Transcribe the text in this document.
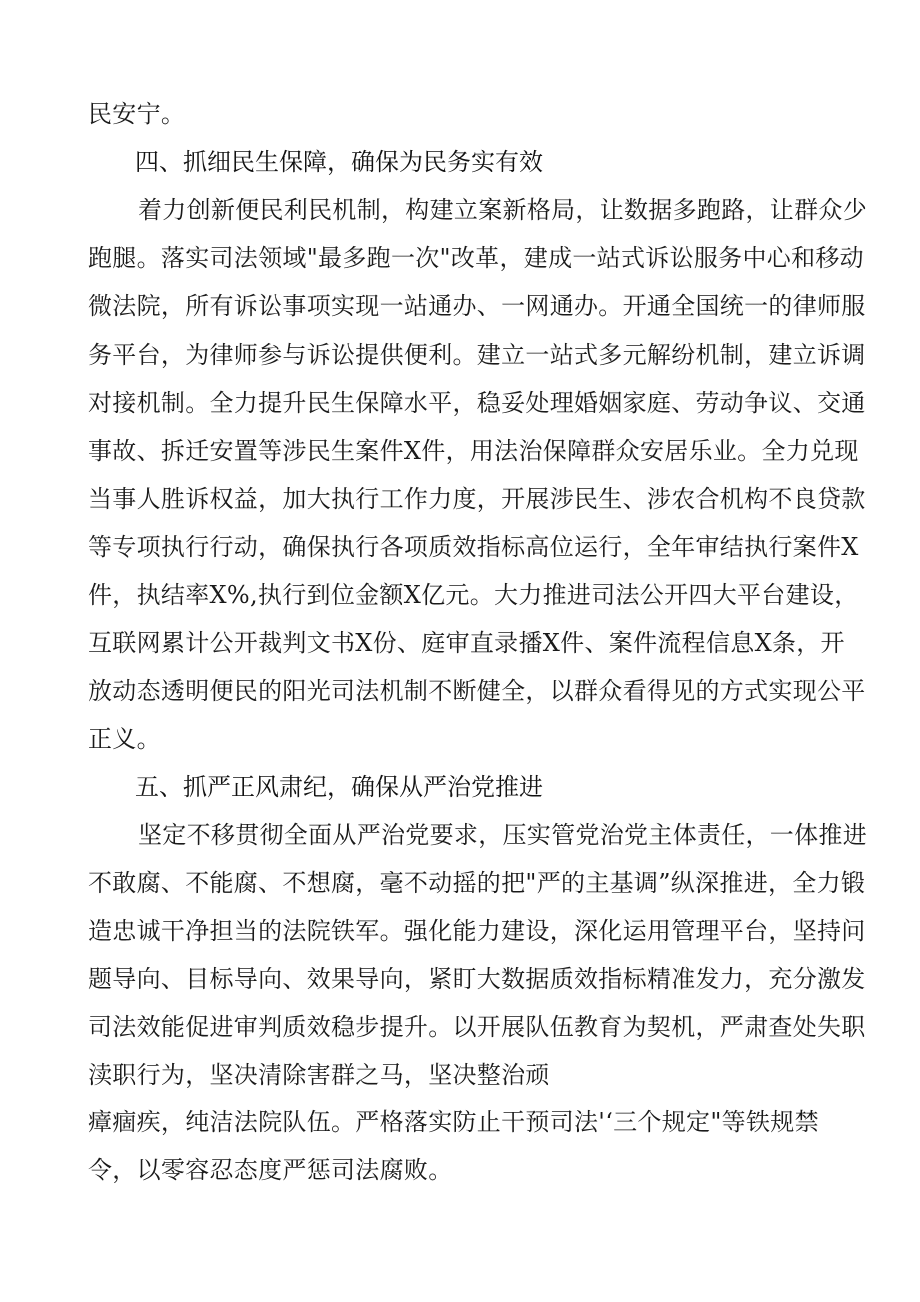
民安宁。
四、抓细民生保障，确保为民务实有效
着力创新便民利民机制，构建立案新格局，让数据多跑路，让群众少
跑腿。落实司法领域"最多跑一次"改革，建成一站式诉讼服务中心和移动
微法院，所有诉讼事项实现一站通办、一网通办。开通全国统一的律师服
务平台，为律师参与诉讼提供便利。建立一站式多元解纷机制，建立诉调
对接机制。全力提升民生保障水平，稳妥处理婚姻家庭、劳动争议、交通
事故、拆迁安置等涉民生案件X件，用法治保障群众安居乐业。全力兑现
当事人胜诉权益，加大执行工作力度，开展涉民生、涉农合机构不良贷款
等专项执行行动，确保执行各项质效指标高位运行，全年审结执行案件X
件，执结率X%,执行到位金额X亿元。大力推进司法公开四大平台建设，
互联网累计公开裁判文书X份、庭审直录播X件、案件流程信息X条，开
放动态透明便民的阳光司法机制不断健全，以群众看得见的方式实现公平
正义。
五、抓严正风肃纪，确保从严治党推进
坚定不移贯彻全面从严治党要求，压实管党治党主体责任，一体推进
不敢腐、不能腐、不想腐，毫不动摇的把"严的主基调”纵深推进，全力锻
造忠诚干净担当的法院铁军。强化能力建设，深化运用管理平台，坚持问
题导向、目标导向、效果导向，紧盯大数据质效指标精准发力，充分激发
司法效能促进审判质效稳步提升。以开展队伍教育为契机，严肃查处失职
渎职行为，坚决清除害群之马，坚决整治顽
瘴痼疾，纯洁法院队伍。严格落实防止干预司法'‘三个规定"等铁规禁
令，以零容忍态度严惩司法腐败。
